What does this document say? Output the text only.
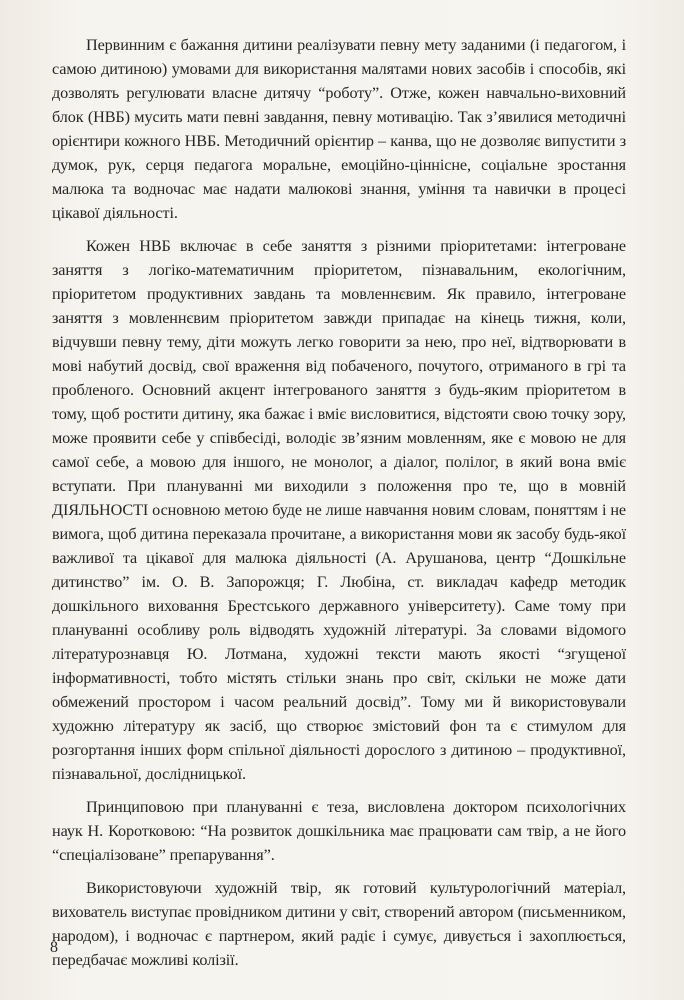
Первинним є бажання дитини реалізувати певну мету заданими (і педагогом, і самою дитиною) умовами для використання малятами нових засобів і способів, які дозволять регулювати власне дитячу “роботу”. Отже, кожен навчально-виховний блок (НВБ) мусить мати певні завдання, певну мотивацію. Так з’явилися методичні орієнтири кожного НВБ. Методичний орієнтир – канва, що не дозволяє випустити з думок, рук, серця педагога моральне, емоційно-ціннісне, соціальне зростання малюка та водночас має надати малюкові знання, уміння та навички в процесі цікавої діяльності.

Кожен НВБ включає в себе заняття з різними пріоритетами: інтегроване заняття з логіко-математичним пріоритетом, пізнавальним, екологічним, пріоритетом продуктивних завдань та мовленнєвим. Як правило, інтегроване заняття з мовленнєвим пріоритетом завжди припадає на кінець тижня, коли, відчувши певну тему, діти можуть легко говорити за нею, про неї, відтворювати в мові набутий досвід, свої враження від побаченого, почутого, отриманого в грі та пробленого. Основний акцент інтегрованого заняття з будь-яким пріоритетом в тому, щоб ростити дитину, яка бажає і вміє висловитися, відстояти свою точку зору, може проявити себе у співбесіді, володіє зв’язним мовленням, яке є мовою не для самої себе, а мовою для іншого, не монолог, а діалог, полілог, в який вона вміє вступати. При плануванні ми виходили з положення про те, що в мовній ДІЯЛЬНОСТІ основною метою буде не лише навчання новим словам, поняттям і не вимога, щоб дитина переказала прочитане, а використання мови як засобу будь-якої важливої та цікавої для малюка діяльності (А. Арушанова, центр “Дошкільне дитинство” ім. О. В. Запорожця; Г. Любіна, ст. викладач кафедр методик дошкільного виховання Брестського державного університету). Саме тому при плануванні особливу роль відводять художній літературі. За словами відомого літературознавця Ю. Лотмана, художні тексти мають якості “згущеної інформативності, тобто містять стільки знань про світ, скільки не може дати обмежений простором і часом реальний досвід”. Тому ми й використовували художню літературу як засіб, що створює змістовий фон та є стимулом для розгортання інших форм спільної діяльності дорослого з дитиною – продуктивної, пізнавальної, дослідницької.

Принциповою при плануванні є теза, висловлена доктором психологічних наук Н. Коротковою: “На розвиток дошкільника має працювати сам твір, а не його “спеціалізоване” препарування”.

Використовуючи художній твір, як готовий культурологічний матеріал, вихователь виступає провідником дитини у світ, створений автором (письменником, народом), і водночас є партнером, який радіє і сумує, дивується і захоплюється, передбачає можливі колізії.

8
